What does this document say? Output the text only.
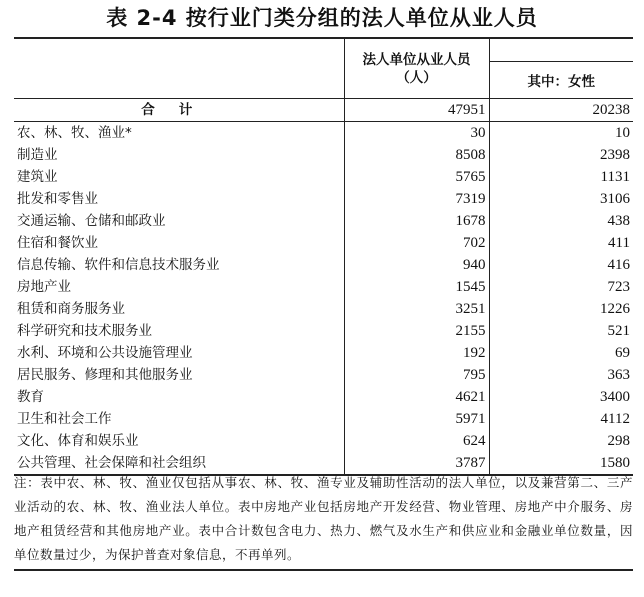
表 2-4 按行业门类分组的法人单位从业人员

	法人单位从业人员
（人）	

		其中：女性
合计	47951	20238
农、林、牧、渔业*	30	10
制造业	8508	2398
建筑业	5765	1131
批发和零售业	7319	3106
交通运输、仓储和邮政业	1678	438
住宿和餐饮业	702	411
信息传输、软件和信息技术服务业	940	416
房地产业	1545	723
租赁和商务服务业	3251	1226
科学研究和技术服务业	2155	521
水利、环境和公共设施管理业	192	69
居民服务、修理和其他服务业	795	363
教育	4621	3400
卫生和社会工作	5971	4112
文化、体育和娱乐业	624	298
公共管理、社会保障和社会组织	3787	1580
注：表中农、林、牧、渔业仅包括从事农、林、牧、渔专业及辅助性活动的法人单位，以及兼营第二、三产业活动的农、林、牧、渔业法人单位。表中房地产业包括房地产开发经营、物业管理、房地产中介服务、房地产租赁经营和其他房地产业。表中合计数包含电力、热力、燃气及水生产和供应业和金融业单位数量，因单位数量过少，为保护普查对象信息，不再单列。
